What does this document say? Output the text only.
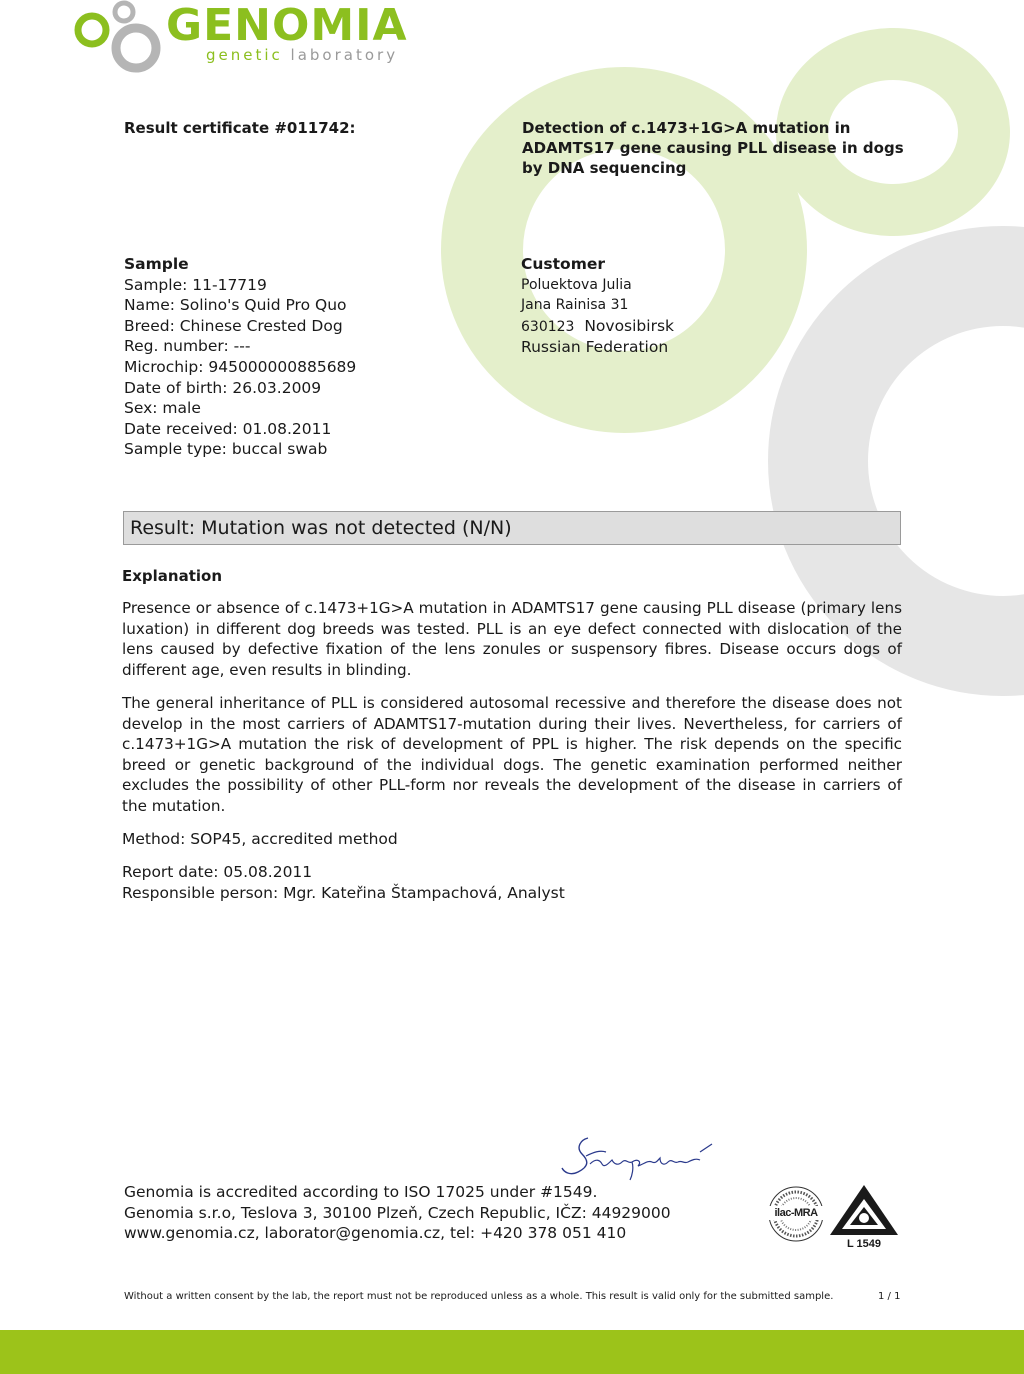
GENOMIA
genetic laboratory
Result certificate #011742:	Detection of c.1473+1G>A mutation in
ADAMTS17 gene causing PLL disease in dogs
by DNA sequencing
Sample
Sample: 11-17719
Name: Solino's Quid Pro Quo
Breed: Chinese Crested Dog
Reg. number: ---
Microchip: 945000000885689
Date of birth: 26.03.2009
Sex: male
Date received: 01.08.2011
Sample type: buccal swab
Customer
Poluektova Julia
Jana Rainisa 31
630123 Novosibirsk
Russian Federation
Result: Mutation was not detected (N/N)
Explanation

Presence or absence of c.1473+1G>A mutation in ADAMTS17 gene causing PLL disease (primary lens luxation) in different dog breeds was tested. PLL is an eye defect connected with dislocation of the lens caused by defective fixation of the lens zonules or suspensory fibres. Disease occurs dogs of different age, even results in blinding.

The general inheritance of PLL is considered autosomal recessive and therefore the disease does not develop in the most carriers of ADAMTS17-mutation during their lives. Nevertheless, for carriers of c.1473+1G>A mutation the risk of development of PPL is higher. The risk depends on the specific breed or genetic background of the individual dogs. The genetic examination performed neither excludes the possibility of other PLL-form nor reveals the development of the disease in carriers of the mutation.

Method: SOP45, accredited method
Report date: 05.08.2011
Responsible person: Mgr. Kateřina Štampachová, Analyst
Genomia is accredited according to ISO 17025 under #1549.
Genomia s.r.o, Teslova 3, 30100 Plzeň, Czech Republic, IČZ: 44929000
www.genomia.cz, laborator@genomia.cz, tel: +420 378 051 410
ilac-MRA
L 1549
Without a written consent by the lab, the report must not be reproduced unless as a whole. This result is valid only for the submitted sample.	1 / 1
